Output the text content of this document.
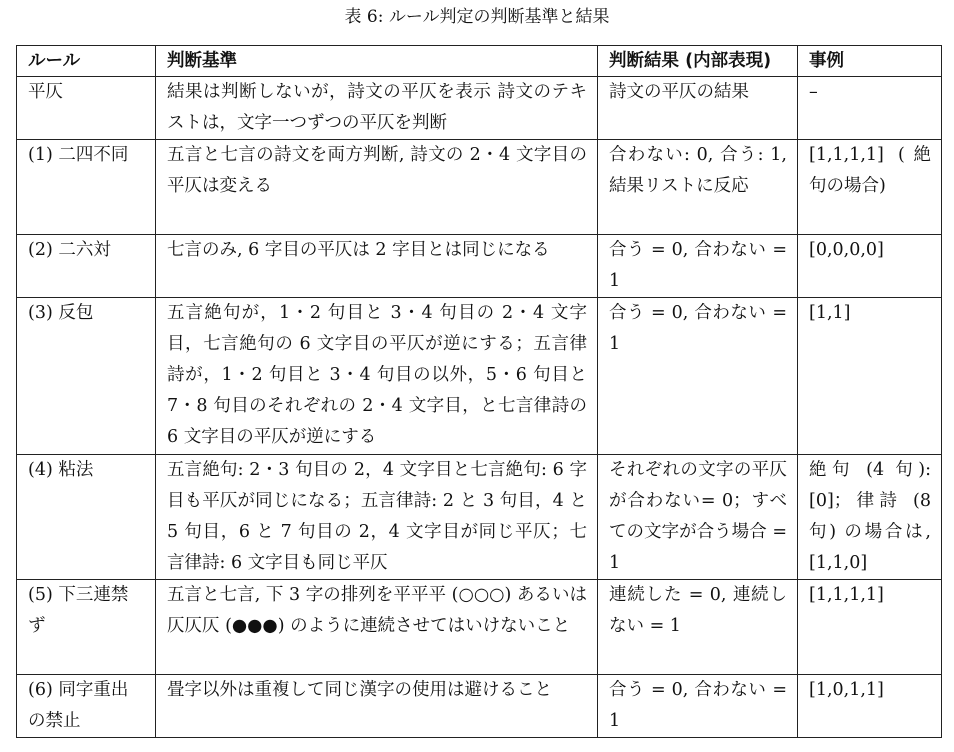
表 6: ルール判定の判断基準と結果
ルール	判断基準	判断結果 (内部表現)	事例
平仄	結果は判断しないが，詩文の平仄を表示 詩文のテキストは，文字一つずつの平仄を判断	詩文の平仄の結果	–
(1) 二四不同	五言と七言の詩文を両方判断, 詩文の 2・4 文字目の平仄は変える	合わない: 0, 合う: 1, 結果リストに反応	[1,1,1,1] (絶句の場合)
(2) 二六対	七言のみ, 6 字目の平仄は 2 字目とは同じになる	合う = 0, 合わない = 1	[0,0,0,0]
(3) 反包	五言絶句が，1・2 句目と 3・4 句目の 2・4 文字目，七言絶句の 6 文字目の平仄が逆にする；五言律詩が，1・2 句目と 3・4 句目の以外，5・6 句目と 7・8 句目のそれぞれの 2・4 文字目，と七言律詩の 6 文字目の平仄が逆にする	合う = 0, 合わない = 1	[1,1]
(4) 粘法	五言絶句: 2・3 句目の 2，4 文字目と七言絶句: 6 字目も平仄が同じになる；五言律詩: 2 と 3 句目，4 と 5 句目，6 と 7 句目の 2，4 文字目が同じ平仄；七言律詩: 6 文字目も同じ平仄	それぞれの文字の平仄が合わない= 0；すべての文字が合う場合 = 1	絶句 (4 句): [0]；律詩 (8 句) の場合は, [1,1,0]
(5) 下三連禁ず	五言と七言, 下 3 字の排列を平平平 (○○○) あるいは仄仄仄 (●●●) のように連続させてはいけないこと	連続した = 0, 連続しない = 1	[1,1,1,1]
(6) 同字重出の禁止	畳字以外は重複して同じ漢字の使用は避けること	合う = 0, 合わない = 1	[1,0,1,1]
